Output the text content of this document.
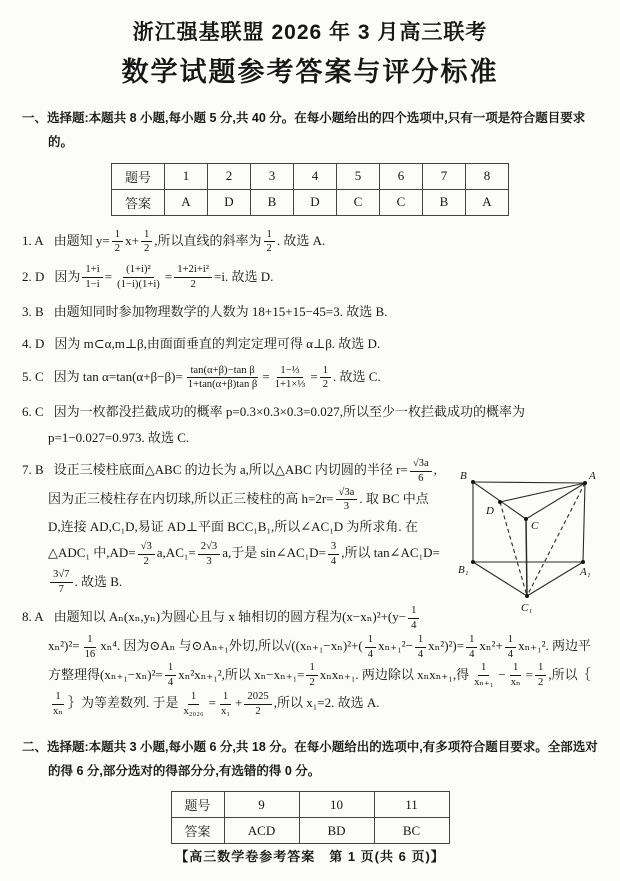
浙江强基联盟 2026 年 3 月高三联考
数学试题参考答案与评分标准

一、选择题:本题共 8 小题,每小题 5 分,共 40 分。在每小题给出的四个选项中,只有一项是符合题目要求的。

题号	1	2	3	4	5	6	7	8
答案	A	D	B	D	C	C	B	A

1. A 由题知 $y= \frac{1}{2} x+ \frac{1}{2}$ ,所以直线的斜率为 $\frac{1}{2}$ . 故选 A.

2. D 因为 $\frac{1+i}{1-i} = \frac{\text{(1+i)²}}{(1-i)(1+i)} = \frac{\text{1+2i+i²}}{2} =i$. 故选 D.

3. B 由题知同时参加物理数学的人数为 18+15+15−45=3. 故选 B.

4. D 因为 m⊂α,m⊥β,由面面垂直的判定定理可得 α⊥β. 故选 D.

5. C 因为 $\tan \alpha=\tan(\alpha+\beta-\beta)= \frac{\text{tan(α+β)−tan β}}{\text{1+tan(α+β)tan β}} = \frac{\text{1−⅓}}{\text{1+1×⅓}} = \frac{1}{2}$ . 故选 C.

6. C 因为一枚都没拦截成功的概率 p=0.3×0.3×0.3=0.027,所以至少一枚拦截成功的概率为 p=1−0.027=0.973. 故选 C.

B	A
D
C
B₁	A₁
C₁

7. B 设正三棱柱底面△ABC 的边长为 a,所以△ABC 内切圆的半径 $r= \frac{√3a}{6}$ ,因为正三棱柱存在内切球,所以正三棱柱的高 $h=2r= \frac{√3a}{3}$ . 取 BC 中点 D,连接 AD,C₁D,易证 AD⊥平面 BCC₁B₁,所以∠AC₁D 为所求角. 在△ADC₁ 中$,AD= \frac{√3}{2} a,AC_1= \frac{2√3}{3} a$,于是 sin∠AC₁D= $\frac{3}{4}$ ,所以 tan∠AC₁D=
$\frac{3√7}{7}$ . 故选 B.

8. A 由题知以 Aₙ(xₙ,yₙ)为圆心且与 x 轴相切的圆方程为$(x-x_n)^2+(y- \frac{1}{4}$
$x_n^2)^2= \frac{1}{16} x_n^4$. 因为⊙Aₙ 与⊙Aₙ₊₁外切,所以$√((x_{n+1}-x_n)^2+( \frac{1}{4} x_{n+1}^2- \frac{1}{4} x_n^2)^2)= \frac{1}{4} x_n^2+ \frac{1}{4} x_{n+1}^2$. 两边平方整理得$(x_{n+1}-x_n)^2= \frac{1}{4} x_n^2x_{n+1}^2$,所以 $x_n-x_{n+1}= \frac{1}{2} x_nx_{n+1}$. 两边除以 xₙxₙ₊₁,得 $\frac{1}{\text{xₙ₊₁}} - \frac{1}{\text{xₙ}} = \frac{1}{2}$ ,所以｛
$\frac{1}{\text{xₙ}}$ ｝为等差数列. 于是 $\frac{1}{\text{x₂₀₂₆}} = \frac{1}{\text{x₁}} + \frac{2025}{2}$ ,所以 x₁=2. 故选 A.

二、选择题:本题共 3 小题,每小题 6 分,共 18 分。在每小题给出的选项中,有多项符合题目要求。全部选对的得 6 分,部分选对的得部分分,有选错的得 0 分。

题号	9	10	11
答案	ACD	BD	BC
【高三数学卷参考答案　第 1 页(共 6 页)】
